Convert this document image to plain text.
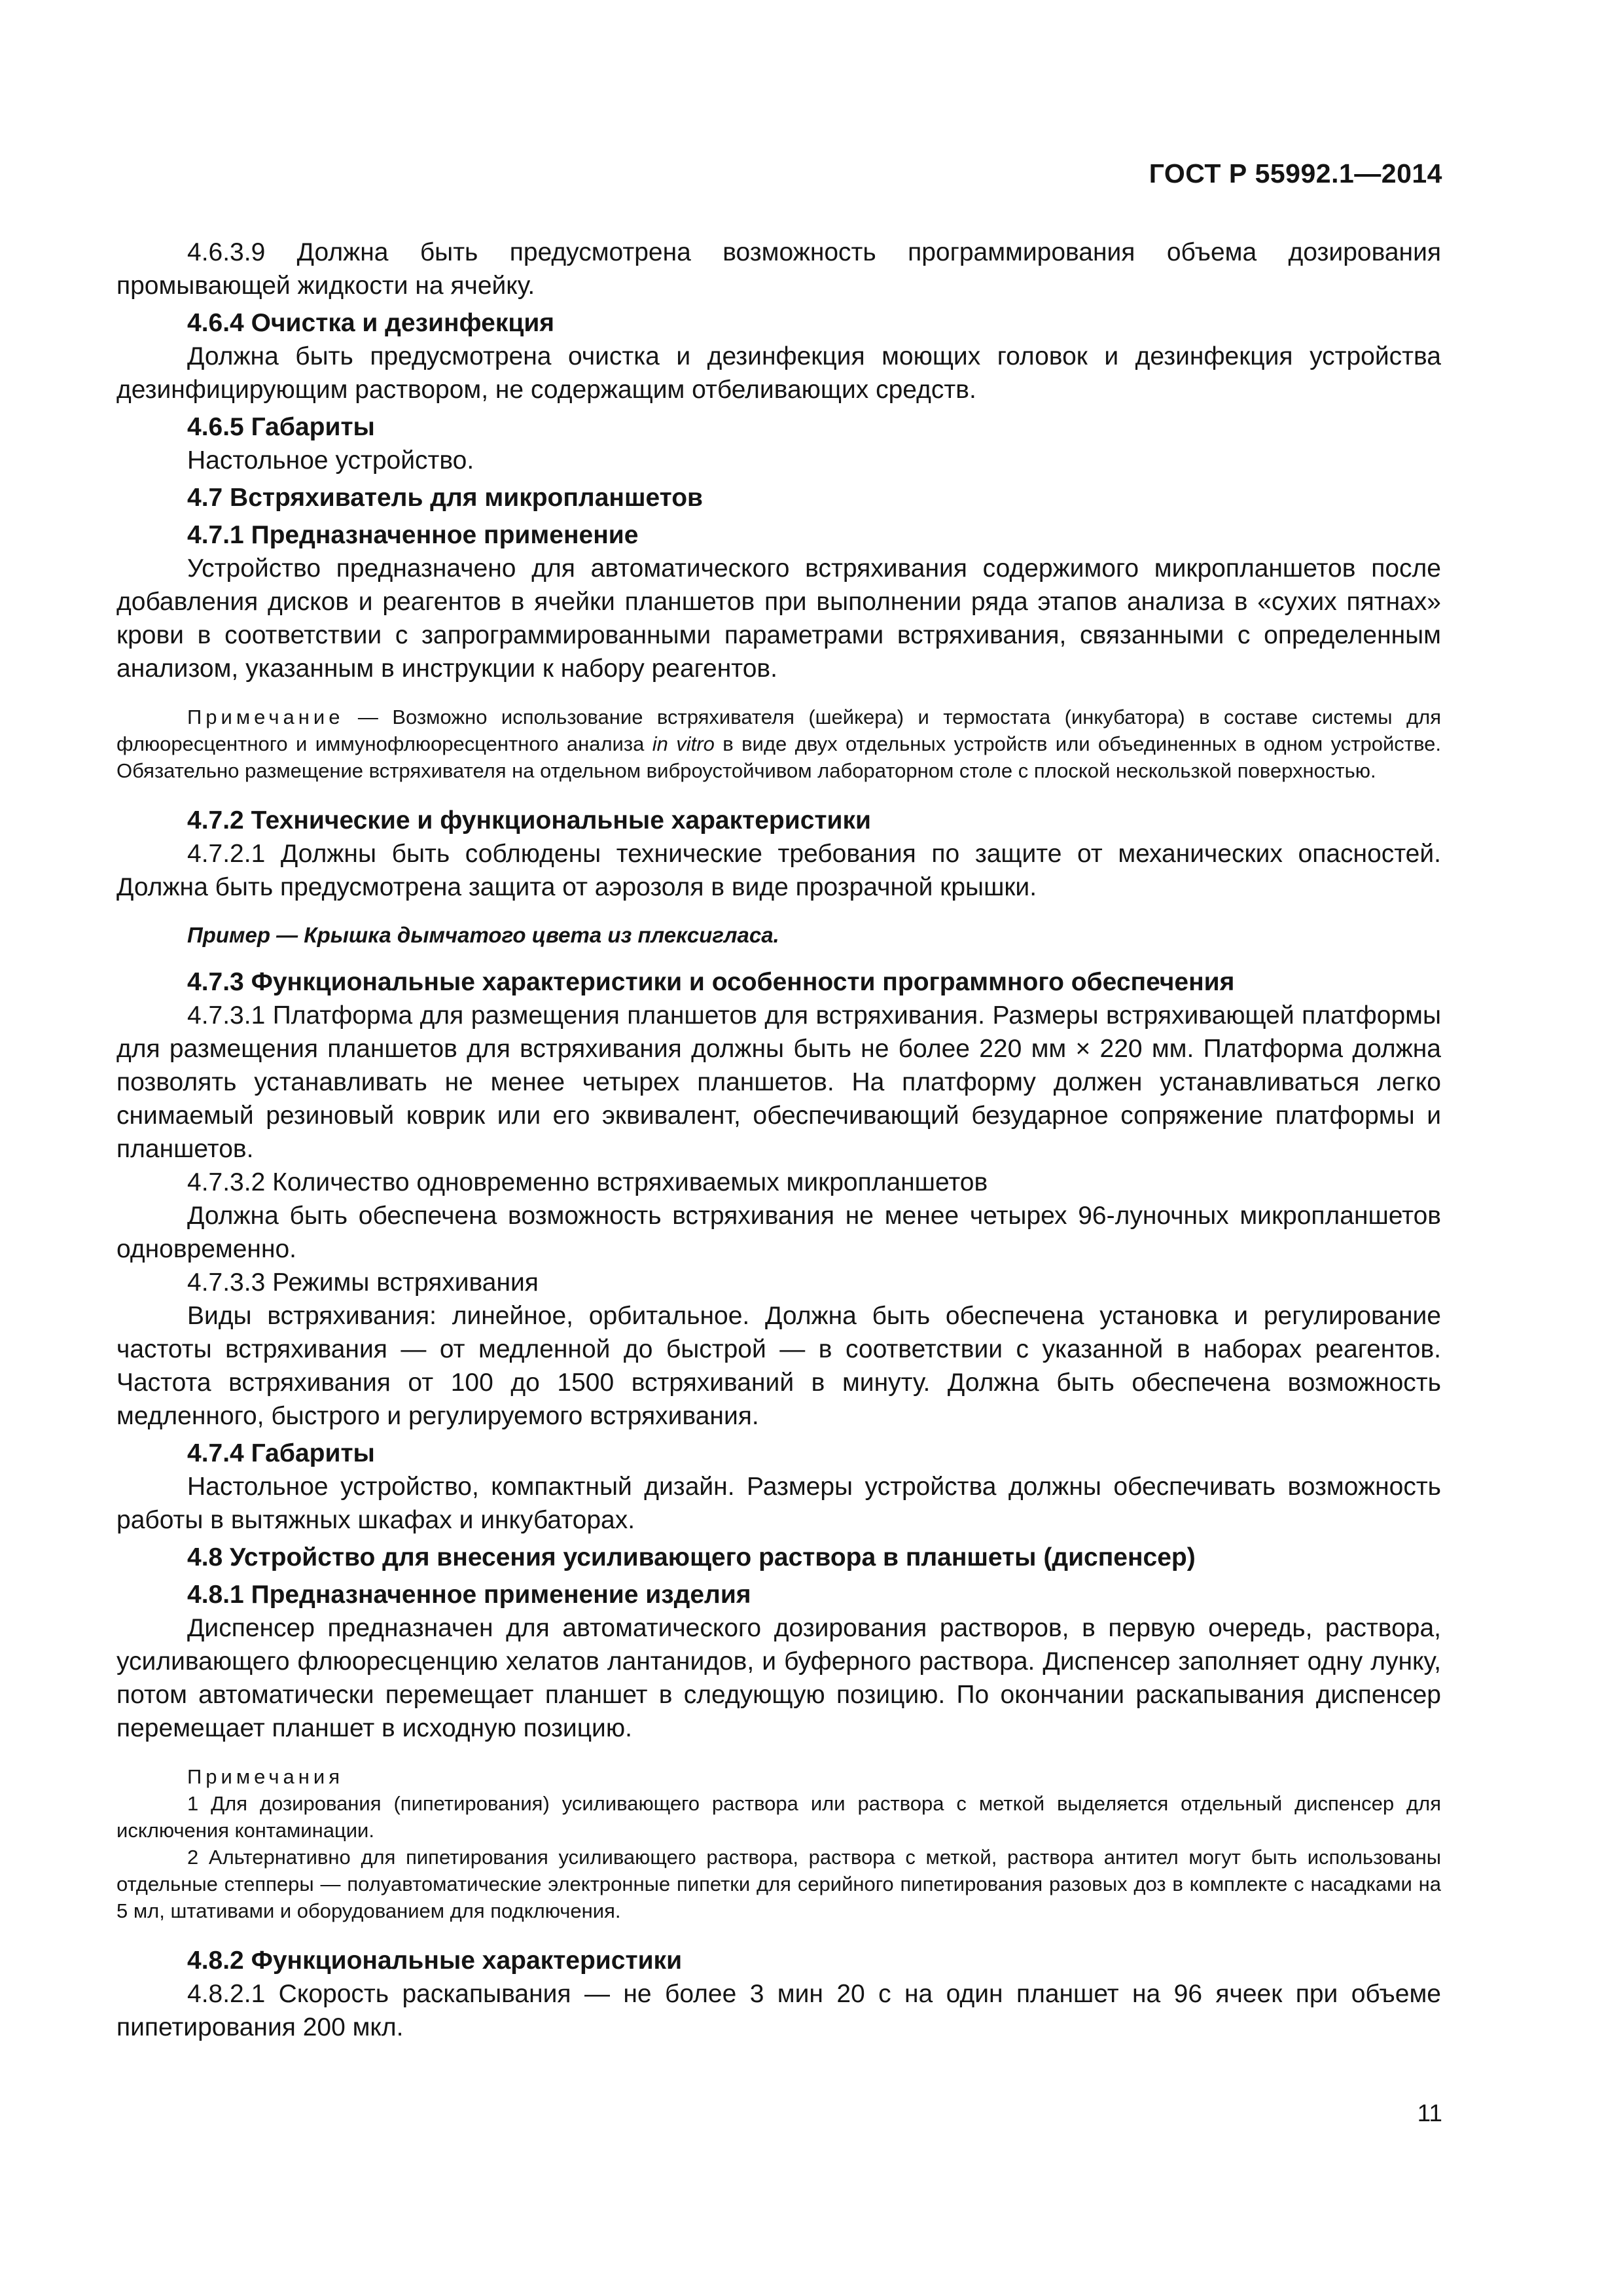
ГОСТ Р 55992.1—2014

4.6.3.9 Должна быть предусмотрена возможность программирования объема дозирования промывающей жидкости на ячейку.

4.6.4 Очистка и дезинфекция

Должна быть предусмотрена очистка и дезинфекция моющих головок и дезинфекция устройства дезинфицирующим раствором, не содержащим отбеливающих средств.

4.6.5 Габариты

Настольное устройство.

4.7 Встряхиватель для микропланшетов

4.7.1 Предназначенное применение

Устройство предназначено для автоматического встряхивания содержимого микропланшетов после добавления дисков и реагентов в ячейки планшетов при выполнении ряда этапов анализа в «сухих пятнах» крови в соответствии с запрограммированными параметрами встряхивания, связанными с определенным анализом, указанным в инструкции к набору реагентов.

Примечание — Возможно использование встряхивателя (шейкера) и термостата (инкубатора) в составе системы для флюоресцентного и иммунофлюоресцентного анализа in vitro в виде двух отдельных устройств или объединенных в одном устройстве. Обязательно размещение встряхивателя на отдельном виброустойчивом лабораторном столе с плоской нескользкой поверхностью.

4.7.2 Технические и функциональные характеристики

4.7.2.1 Должны быть соблюдены технические требования по защите от механических опасностей. Должна быть предусмотрена защита от аэрозоля в виде прозрачной крышки.

Пример — Крышка дымчатого цвета из плексигласа.

4.7.3 Функциональные характеристики и особенности программного обеспечения

4.7.3.1 Платформа для размещения планшетов для встряхивания. Размеры встряхивающей платформы для размещения планшетов для встряхивания должны быть не более 220 мм × 220 мм. Платформа должна позволять устанавливать не менее четырех планшетов. На платформу должен устанавливаться легко снимаемый резиновый коврик или его эквивалент, обеспечивающий безударное сопряжение платформы и планшетов.

4.7.3.2 Количество одновременно встряхиваемых микропланшетов

Должна быть обеспечена возможность встряхивания не менее четырех 96-луночных микропланшетов одновременно.

4.7.3.3 Режимы встряхивания

Виды встряхивания: линейное, орбитальное. Должна быть обеспечена установка и регулирование частоты встряхивания — от медленной до быстрой — в соответствии с указанной в наборах реагентов. Частота встряхивания от 100 до 1500 встряхиваний в минуту. Должна быть обеспечена возможность медленного, быстрого и регулируемого встряхивания.

4.7.4 Габариты

Настольное устройство, компактный дизайн. Размеры устройства должны обеспечивать возможность работы в вытяжных шкафах и инкубаторах.

4.8 Устройство для внесения усиливающего раствора в планшеты (диспенсер)

4.8.1 Предназначенное применение изделия

Диспенсер предназначен для автоматического дозирования растворов, в первую очередь, раствора, усиливающего флюоресценцию хелатов лантанидов, и буферного раствора. Диспенсер заполняет одну лунку, потом автоматически перемещает планшет в следующую позицию. По окончании раскапывания диспенсер перемещает планшет в исходную позицию.

Примечания

1 Для дозирования (пипетирования) усиливающего раствора или раствора с меткой выделяется отдельный диспенсер для исключения контаминации.

2 Альтернативно для пипетирования усиливающего раствора, раствора с меткой, раствора антител могут быть использованы отдельные степперы — полуавтоматические электронные пипетки для серийного пипетирования разовых доз в комплекте с насадками на 5 мл, штативами и оборудованием для подключения.

4.8.2 Функциональные характеристики

4.8.2.1 Скорость раскапывания — не более 3 мин 20 с на один планшет на 96 ячеек при объеме пипетирования 200 мкл.

11
